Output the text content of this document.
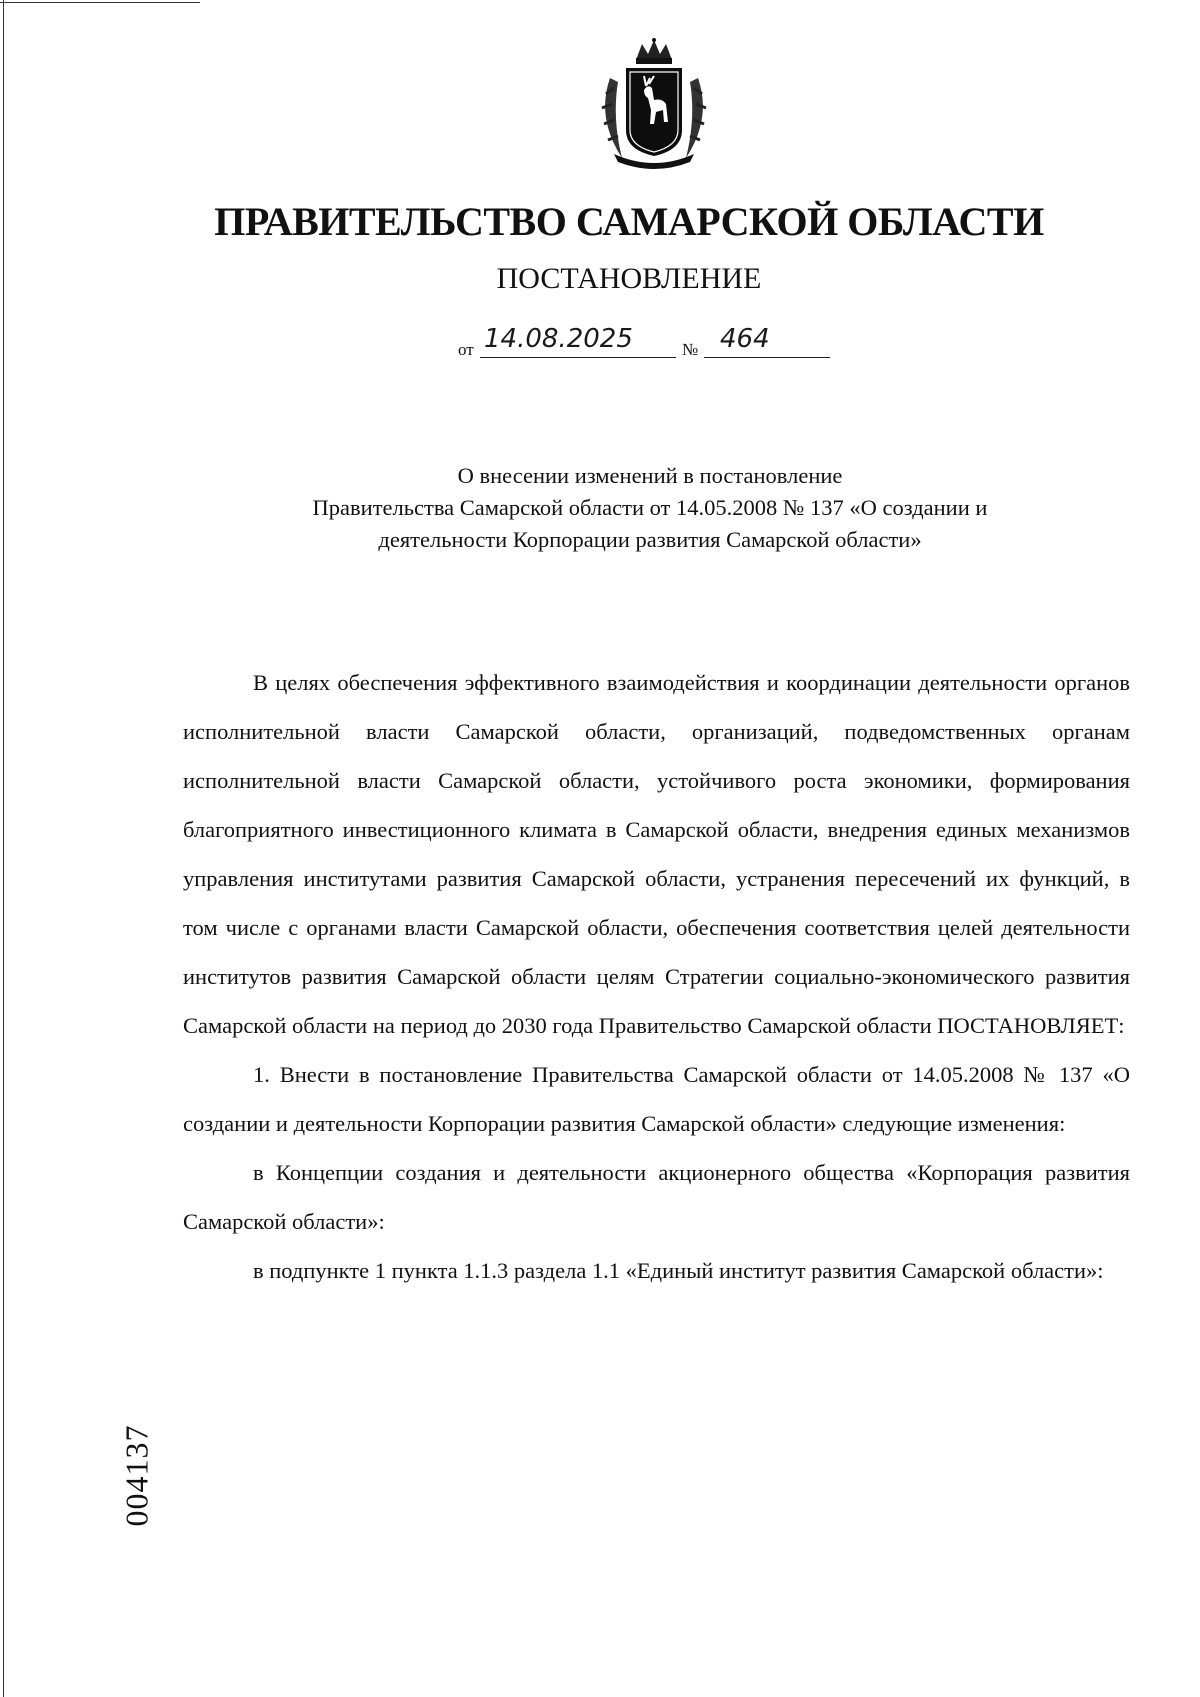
ПРАВИТЕЛЬСТВО САМАРСКОЙ ОБЛАСТИ
ПОСТАНОВЛЕНИЕ
от 14.08.2025	№ 464
О внесении изменений в постановление
Правительства Самарской области от 14.05.2008 № 137 «О создании и
деятельности Корпорации развития Самарской области»

В целях обеспечения эффективного взаимодействия и координации деятельности органов исполнительной власти Самарской области, организаций, подведомственных органам исполнительной власти Самарской области, устойчивого роста экономики, формирования благоприятного инвестиционного климата в Самарской области, внедрения единых механизмов управления институтами развития Самарской области, устранения пересечений их функций, в том числе с органами власти Самарской области, обеспечения соответствия целей деятельности институтов развития Самарской области целям Стратегии социально-экономического развития Самарской области на период до 2030 года Правительство Самарской области ПОСТАНОВЛЯЕТ:

1. Внести в постановление Правительства Самарской области от 14.05.2008 № 137 «О создании и деятельности Корпорации развития Самарской области» следующие изменения:

в Концепции создания и деятельности акционерного общества «Корпорация развития Самарской области»:

в подпункте 1 пункта 1.1.3 раздела 1.1 «Единый институт развития Самарской области»:

004137
